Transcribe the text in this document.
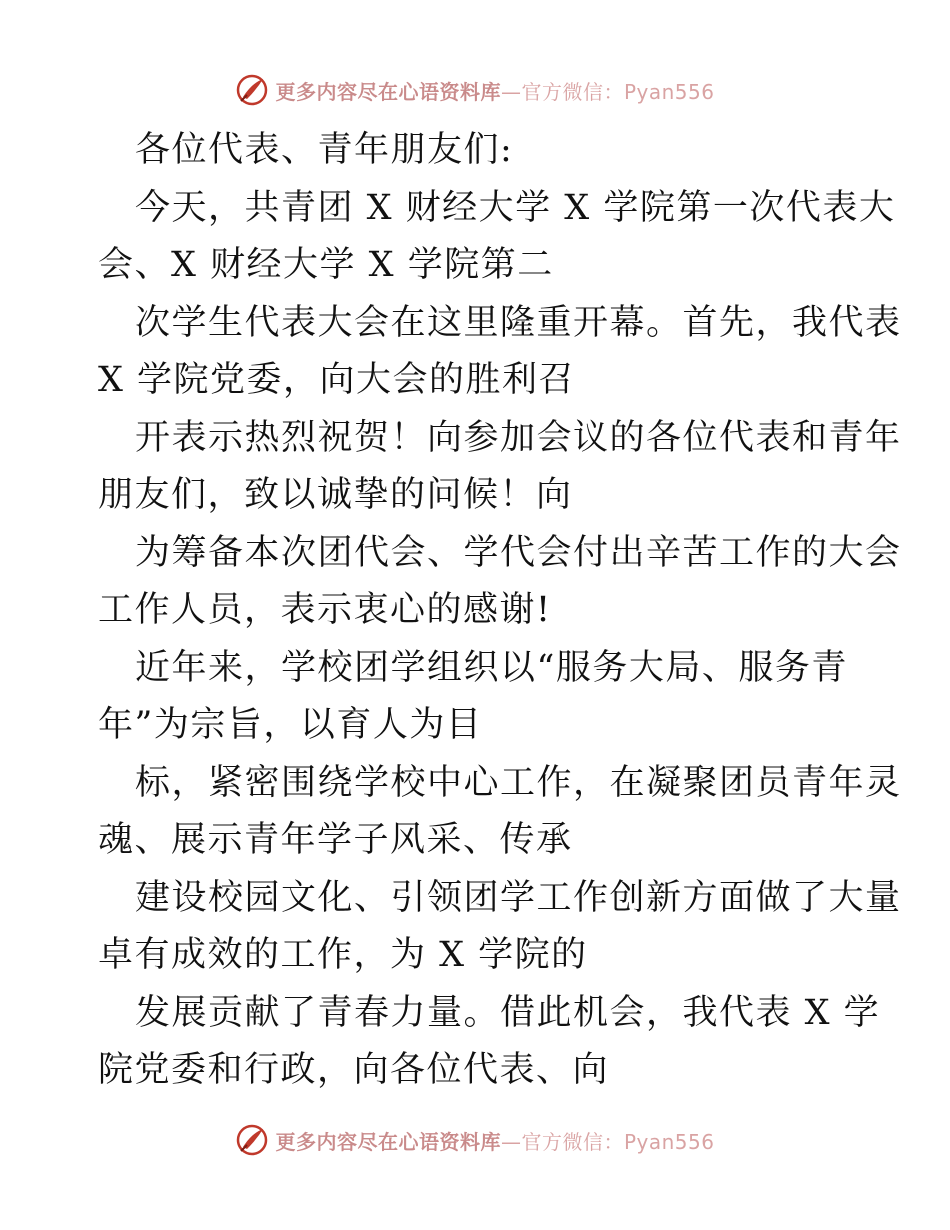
更多内容尽在心语资料库—官方微信：Pyan556
各位代表、青年朋友们:
今天，共青团 X 财经大学 X 学院第一次代表大
会、X 财经大学 X 学院第二
次学生代表大会在这里隆重开幕。首先，我代表
X 学院党委，向大会的胜利召
开表示热烈祝贺！向参加会议的各位代表和青年
朋友们，致以诚挚的问候！向
为筹备本次团代会、学代会付出辛苦工作的大会
工作人员，表示衷心的感谢!
近年来，学校团学组织以“服务大局、服务青
年”为宗旨，以育人为目
标，紧密围绕学校中心工作，在凝聚团员青年灵
魂、展示青年学子风采、传承
建设校园文化、引领团学工作创新方面做了大量
卓有成效的工作，为 X 学院的
发展贡献了青春力量。借此机会，我代表 X 学
院党委和行政，向各位代表、向
更多内容尽在心语资料库—官方微信：Pyan556
